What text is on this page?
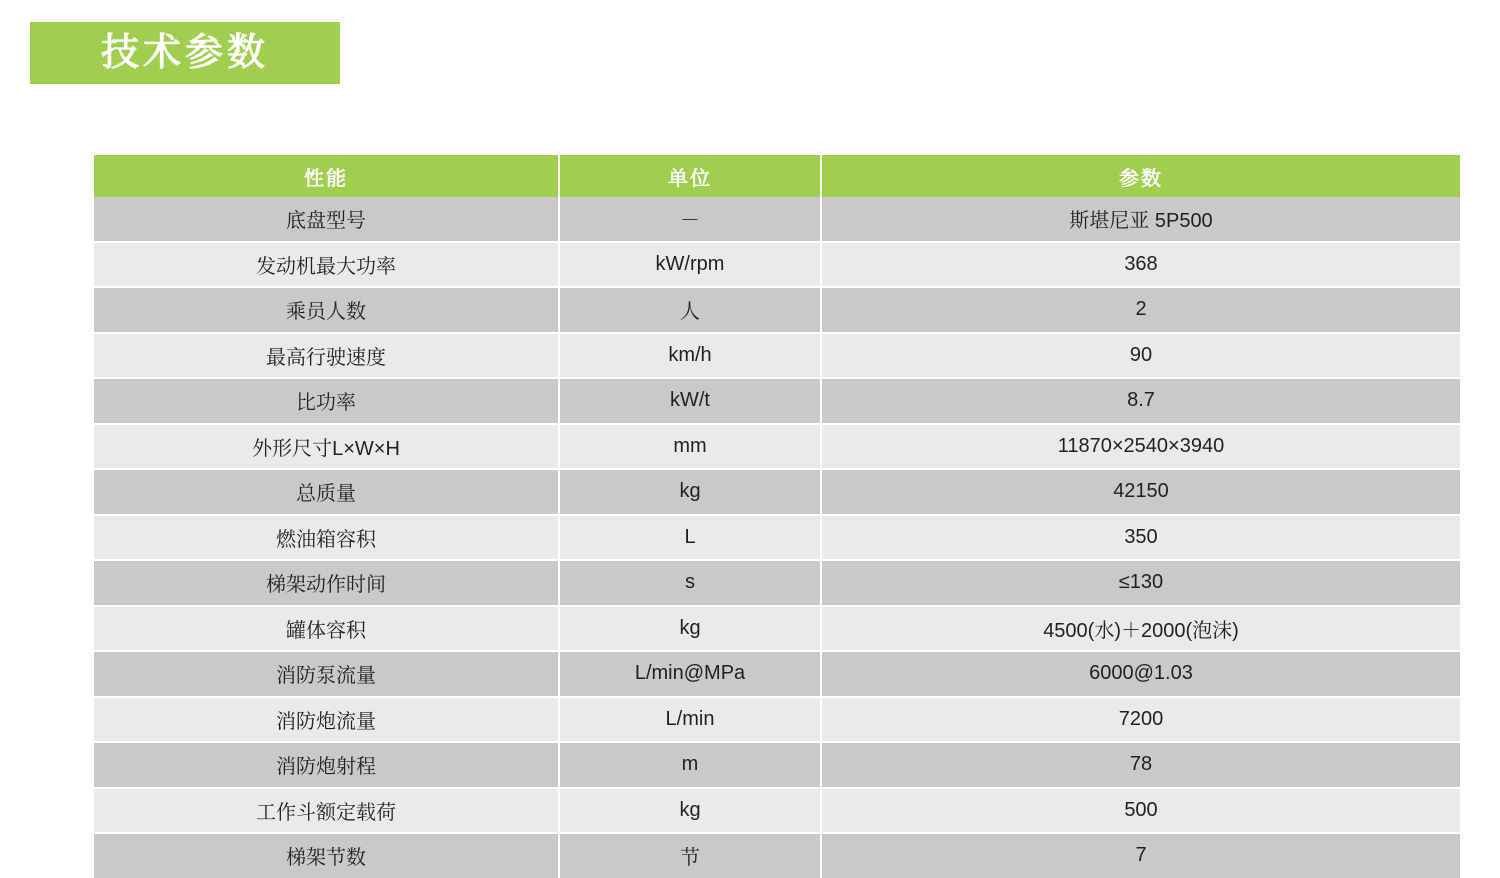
技术参数
性能	单位	参数
底盘型号	－	斯堪尼亚 5P500
发动机最大功率	kW/rpm	368
乘员人数	人	2
最高行驶速度	km/h	90
比功率	kW/t	8.7
外形尺寸L×W×H	mm	11870×2540×3940
总质量	kg	42150
燃油箱容积	L	350
梯架动作时间	s	≤130
罐体容积	kg	4500(水)＋2000(泡沫)
消防泵流量	L/min@MPa	6000@1.03
消防炮流量	L/min	7200
消防炮射程	m	78
工作斗额定载荷	kg	500
梯架节数	节	7
